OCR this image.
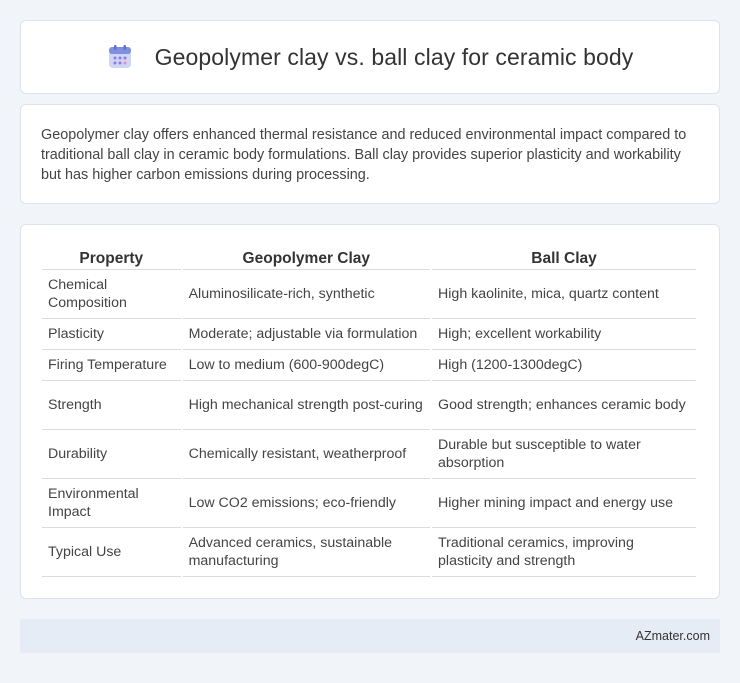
Geopolymer clay vs. ball clay for ceramic body

Geopolymer clay offers enhanced thermal resistance and reduced environmental impact compared to traditional ball clay in ceramic body formulations. Ball clay provides superior plasticity and workability but has higher carbon emissions during processing.

Property	Geopolymer Clay	Ball Clay
Chemical Composition	Aluminosilicate-rich, synthetic	High kaolinite, mica, quartz content
Plasticity	Moderate; adjustable via formulation	High; excellent workability
Firing Temperature	Low to medium (600-900degC)	High (1200-1300degC)
Strength	High mechanical strength post-curing	Good strength; enhances ceramic body
Durability	Chemically resistant, weatherproof	Durable but susceptible to water absorption
Environmental Impact	Low CO2 emissions; eco-friendly	Higher mining impact and energy use
Typical Use	Advanced ceramics, sustainable manufacturing	Traditional ceramics, improving plasticity and strength
AZmater.com
